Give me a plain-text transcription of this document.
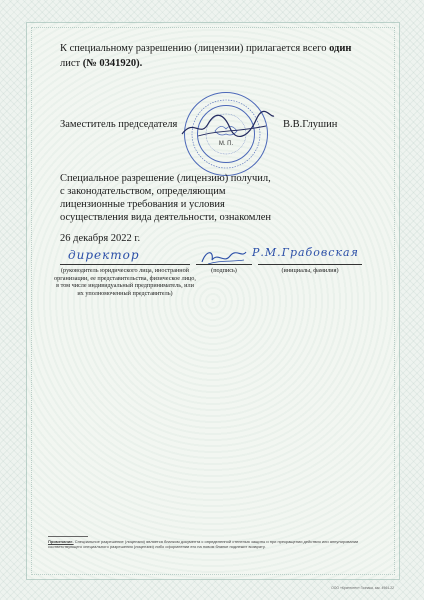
К специальному разрешению (лицензии) прилагается всего один
лист (№ 0341920).
Заместитель председателя	В.В.Глушин
М. П.
Специальное разрешение (лицензию) получил,
с законодательством, определяющим
лицензионные требования и условия
осуществления вида деятельности, ознакомлен
26 декабря 2022 г.
директор	Р.М.Грабовская
(руководитель юридического лица, иностранной организации, ее представительства, физическое лицо, в том числе индивидуальный предприниматель, или их уполномоченный представитель)
(подпись)	(инициалы, фамилия)
Примечание. Специальное разрешение (лицензия) является бланком документа с определенной степенью защиты и при прекращении действия или аннулировании соответствующего специального разрешения (лицензии) либо оформлении его на новом бланке подлежит возврату.
ООО «Криптотех» Гознака, зак. 4964-22
